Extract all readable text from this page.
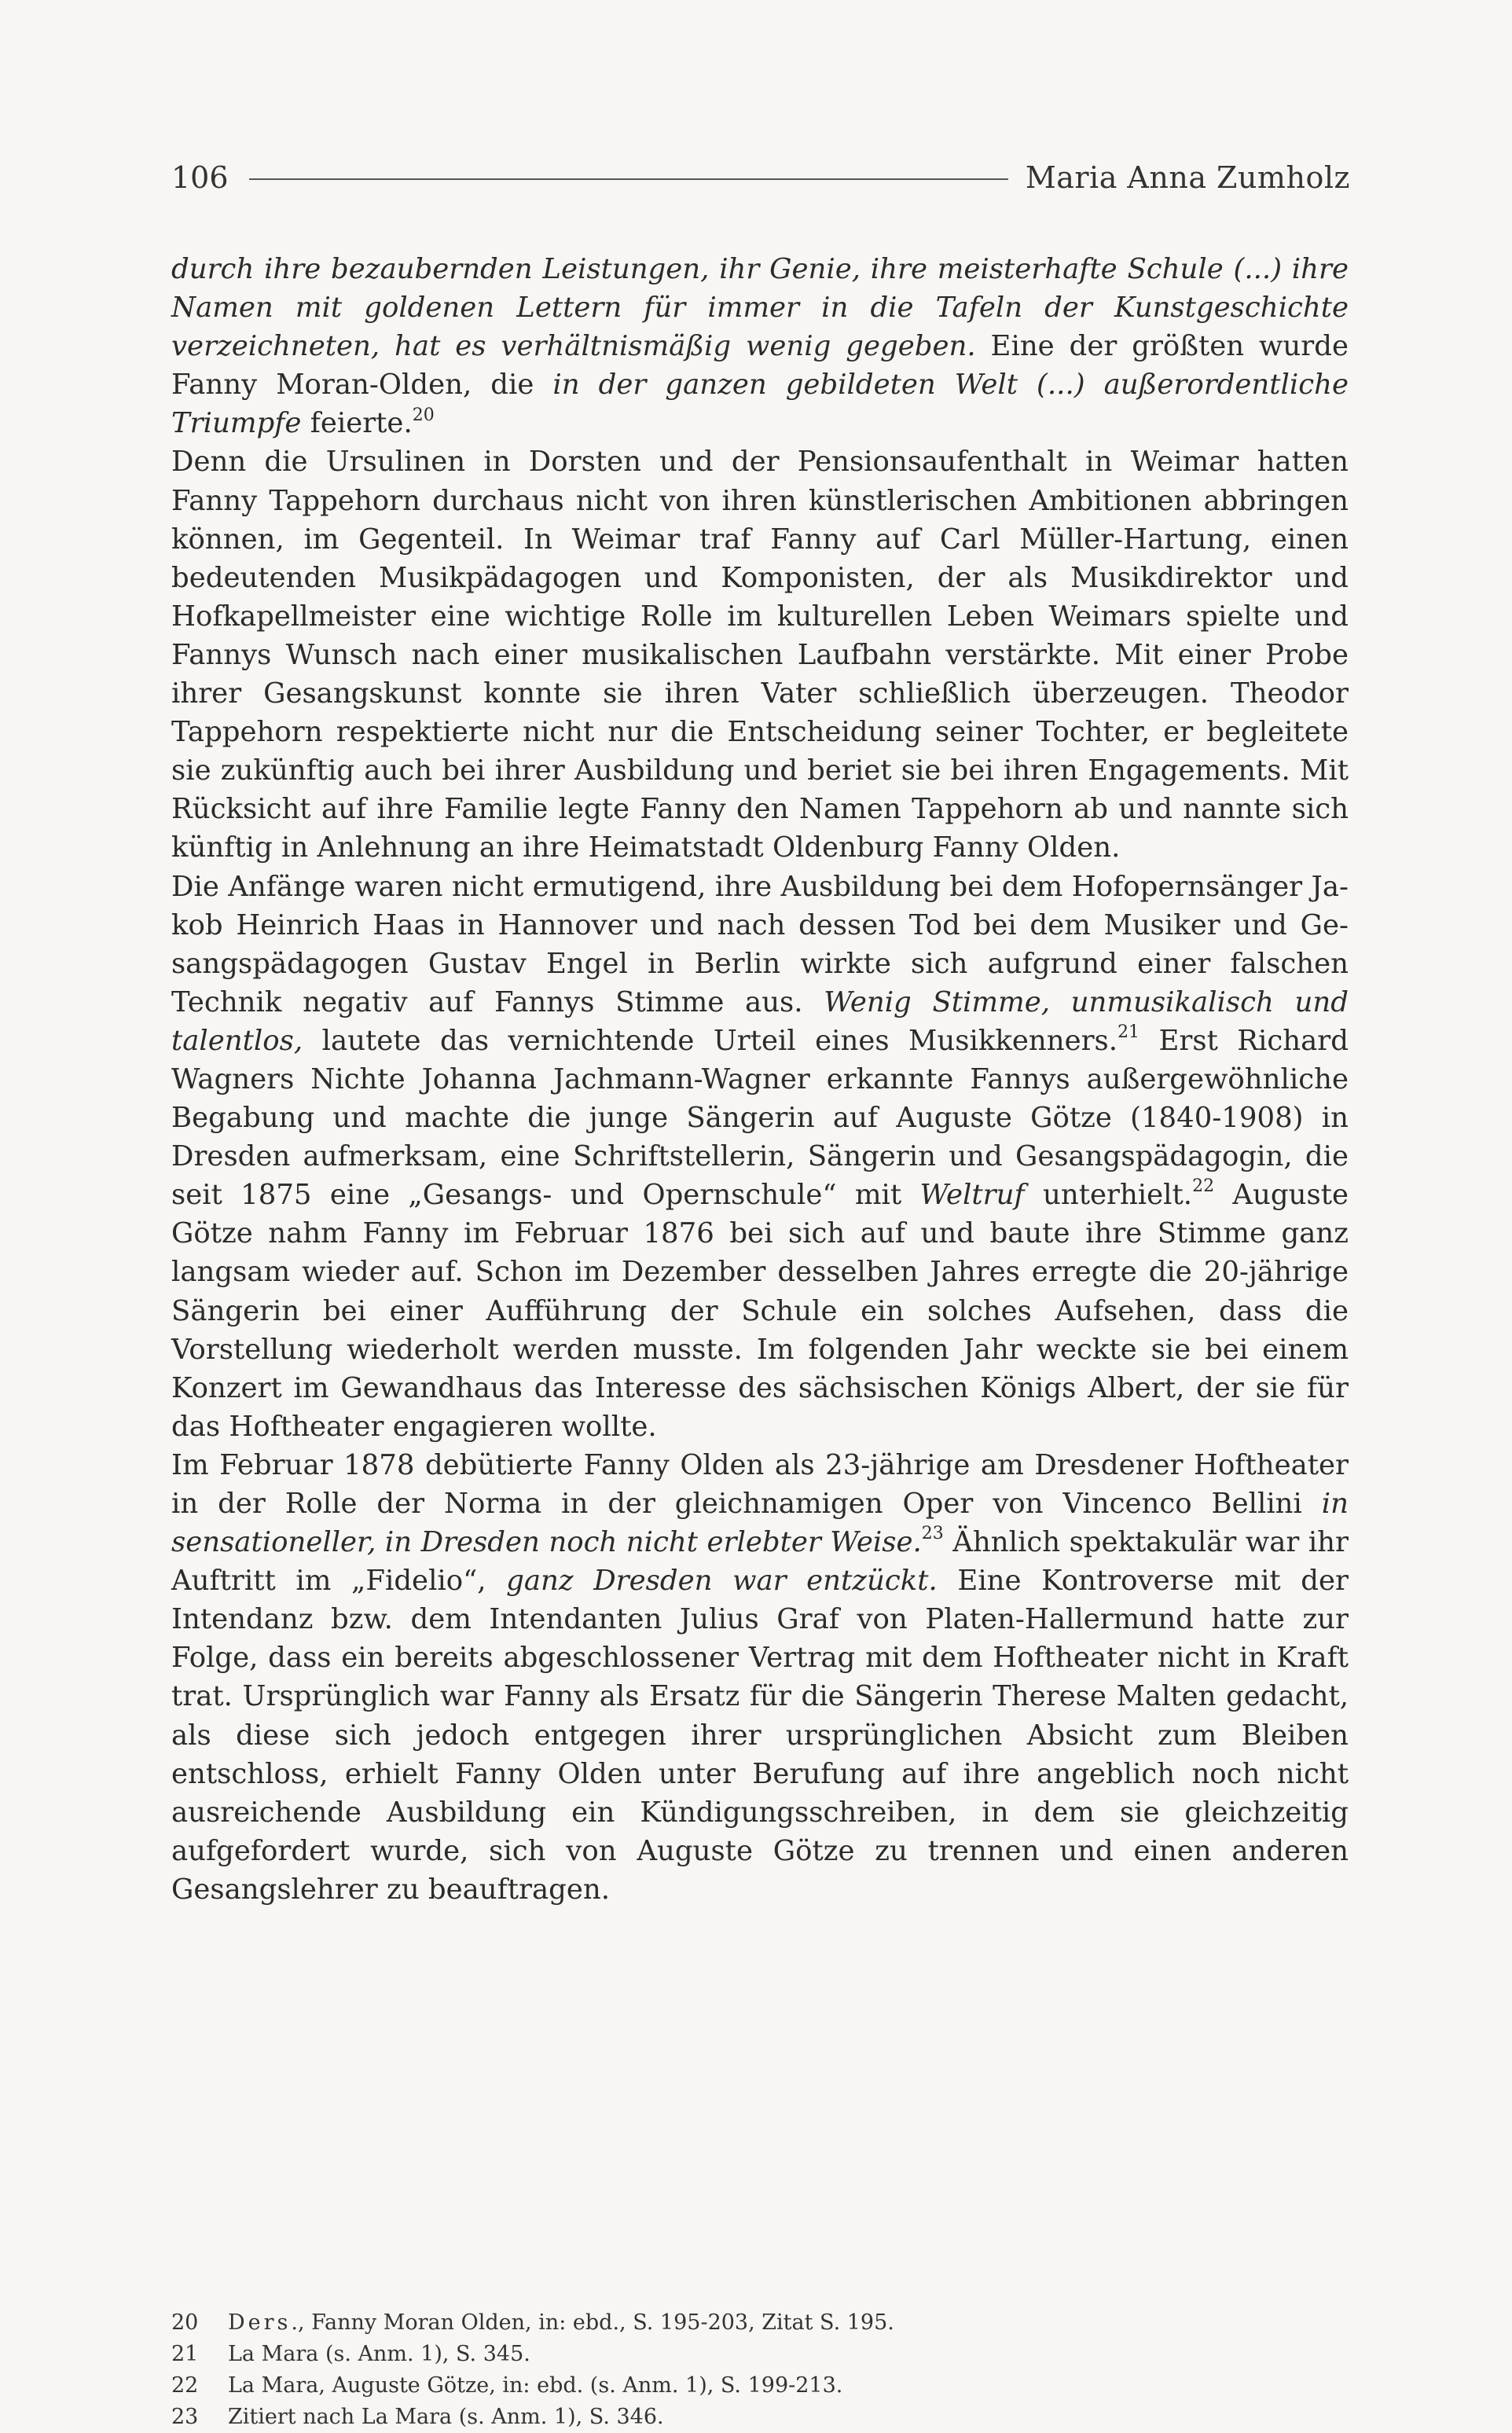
106	Maria Anna Zumholz

durch ihre bezaubernden Leistungen, ihr Genie, ihre meisterhafte Schule (...) ihre Namen mit goldenen Lettern für immer in die Tafeln der Kunstgeschichte verzeichneten, hat es verhältnismäßig wenig gegeben. Eine der größten wurde Fanny Moran-Olden, die in der ganzen gebildeten Welt (...) außerordentliche Triumpfe feierte.$^{20}$

Denn die Ursulinen in Dorsten und der Pensionsaufenthalt in Weimar hatten Fanny Tappehorn durchaus nicht von ihren künstlerischen Ambitionen abbringen können, im Gegenteil. In Weimar traf Fanny auf Carl Müller-Hartung, einen bedeutenden Musikpädagogen und Komponisten, der als Musikdirektor und Hofkapellmeister eine wichtige Rolle im kulturellen Leben Weimars spielte und Fannys Wunsch nach einer musikalischen Laufbahn verstärkte. Mit einer Probe ihrer Gesangskunst konnte sie ihren Vater schließlich überzeugen. Theodor Tappehorn respektierte nicht nur die Entscheidung seiner Tochter, er begleitete sie zukünftig auch bei ihrer Ausbildung und beriet sie bei ihren Engagements. Mit Rücksicht auf ihre Familie legte Fanny den Namen Tappehorn ab und nannte sich künftig in Anlehnung an ihre Heimatstadt Oldenburg Fanny Olden.

Die Anfänge waren nicht ermutigend, ihre Ausbildung bei dem Hofopernsänger Jakob Heinrich Haas in Hannover und nach dessen Tod bei dem Musiker und Gesangspädagogen Gustav Engel in Berlin wirkte sich aufgrund einer falschen Technik negativ auf Fannys Stimme aus. Wenig Stimme, unmusikalisch und talentlos, lautete das vernichtende Urteil eines Musikkenners.$^{21}$ Erst Richard Wagners Nichte Johanna Jachmann-Wagner erkannte Fannys außergewöhnliche Begabung und machte die junge Sängerin auf Auguste Götze (1840-1908) in Dresden aufmerksam, eine Schriftstellerin, Sängerin und Gesangspädagogin, die seit 1875 eine „Gesangs- und Opernschule“ mit Weltruf unterhielt.$^{22}$ Auguste Götze nahm Fanny im Februar 1876 bei sich auf und baute ihre Stimme ganz langsam wieder auf. Schon im Dezember desselben Jahres erregte die 20-jährige Sängerin bei einer Aufführung der Schule ein solches Aufsehen, dass die Vorstellung wiederholt werden musste. Im folgenden Jahr weckte sie bei einem Konzert im Gewandhaus das Interesse des sächsischen Königs Albert, der sie für das Hoftheater engagieren wollte.

Im Februar 1878 debütierte Fanny Olden als 23-jährige am Dresdener Hoftheater in der Rolle der Norma in der gleichnamigen Oper von Vincenco Bellini in sensationeller, in Dresden noch nicht erlebter Weise.$^{23}$ Ähnlich spektakulär war ihr Auftritt im „Fidelio“, ganz Dresden war entzückt. Eine Kontroverse mit der Intendanz bzw. dem Intendanten Julius Graf von Platen-Hallermund hatte zur Folge, dass ein bereits abgeschlossener Vertrag mit dem Hoftheater nicht in Kraft trat. Ursprünglich war Fanny als Ersatz für die Sängerin Therese Malten gedacht, als diese sich jedoch entgegen ihrer ursprünglichen Absicht zum Bleiben entschloss, erhielt Fanny Olden unter Berufung auf ihre angeblich noch nicht ausreichende Ausbildung ein Kündigungsschreiben, in dem sie gleichzeitig aufgefordert wurde, sich von Auguste Götze zu trennen und einen anderen Gesangslehrer zu beauftragen.

20	Ders., Fanny Moran Olden, in: ebd., S. 195-203, Zitat S. 195.
21	La Mara (s. Anm. 1), S. 345.
22	La Mara, Auguste Götze, in: ebd. (s. Anm. 1), S. 199-213.
23	Zitiert nach La Mara (s. Anm. 1), S. 346.
